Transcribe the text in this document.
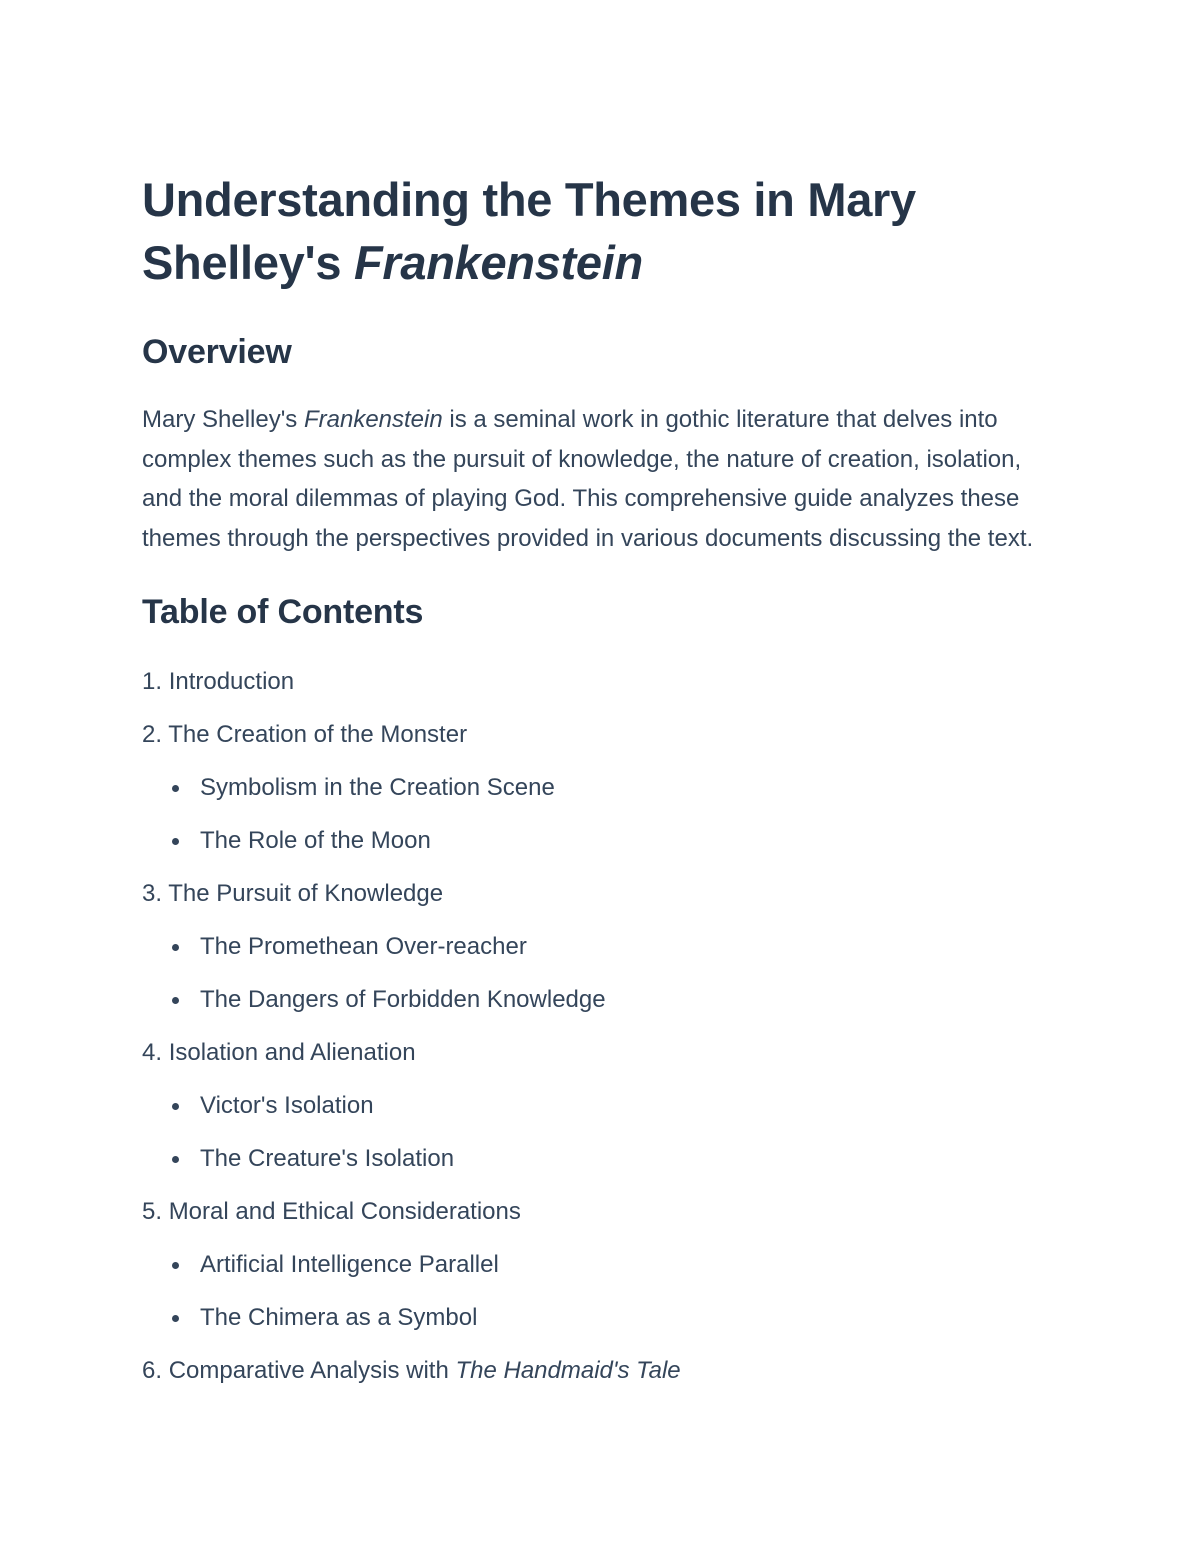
Understanding the Themes in Mary Shelley's Frankenstein
Overview

Mary Shelley's Frankenstein is a seminal work in gothic literature that delves into complex themes such as the pursuit of knowledge, the nature of creation, isolation, and the moral dilemmas of playing God. This comprehensive guide analyzes these themes through the perspectives provided in various documents discussing the text.

Table of Contents
1. Introduction
2. The Creation of the Monster
Symbolism in the Creation Scene
The Role of the Moon
3. The Pursuit of Knowledge
The Promethean Over-reacher
The Dangers of Forbidden Knowledge
4. Isolation and Alienation
Victor's Isolation
The Creature's Isolation
5. Moral and Ethical Considerations
Artificial Intelligence Parallel
The Chimera as a Symbol
6. Comparative Analysis with The Handmaid's Tale
